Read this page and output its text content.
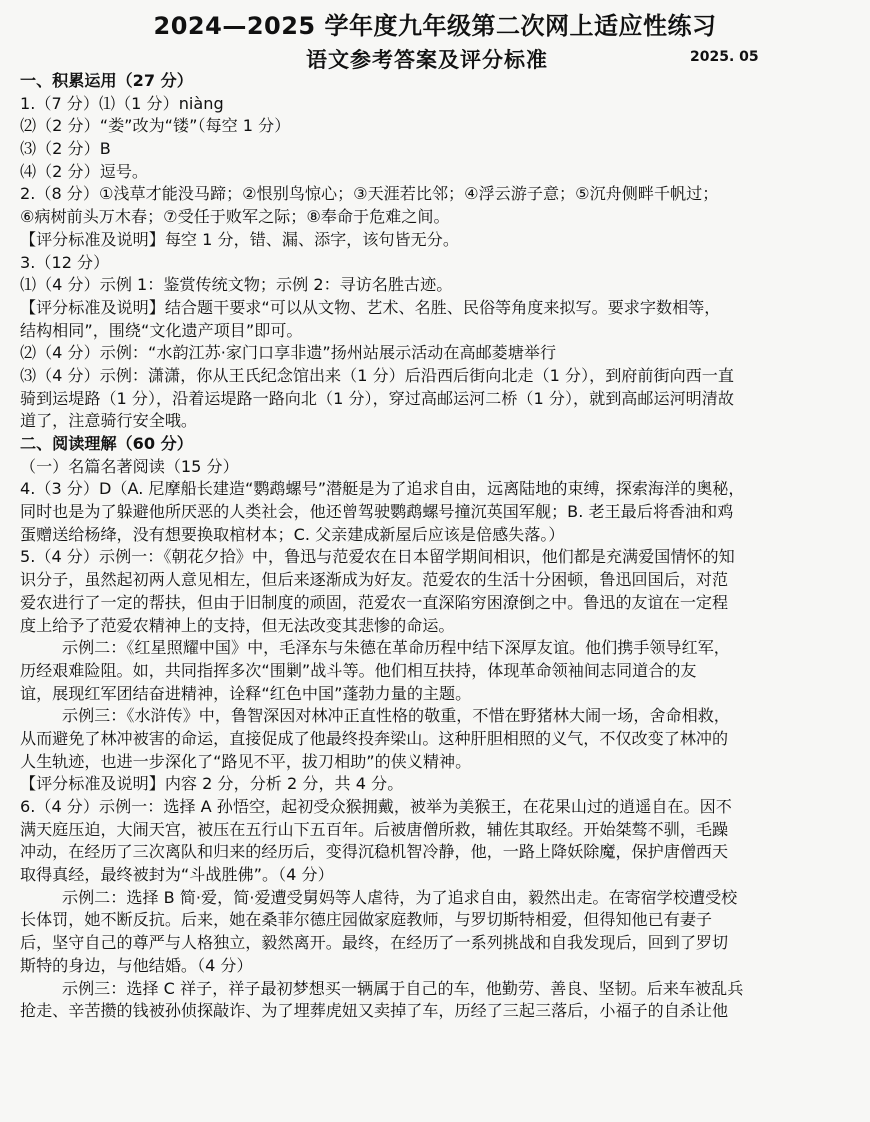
2024—2025 学年度九年级第二次网上适应性练习
语文参考答案及评分标准	2025. 05
一、积累运用（27 分）
1.（7 分）⑴（1 分）niàng
⑵（2 分）“娄”改为“镂”（每空 1 分）
⑶（2 分）B
⑷（2 分）逗号。
2.（8 分）①浅草才能没马蹄；②恨别鸟惊心；③天涯若比邻；④浮云游子意；⑤沉舟侧畔千帆过；
⑥病树前头万木春；⑦受任于败军之际；⑧奉命于危难之间。
【评分标准及说明】每空 1 分，错、漏、添字，该句皆无分。
3.（12 分）
⑴（4 分）示例 1：鉴赏传统文物；示例 2：寻访名胜古迹。
【评分标准及说明】结合题干要求“可以从文物、艺术、名胜、民俗等角度来拟写。要求字数相等，
结构相同”，围绕“文化遗产项目”即可。
⑵（4 分）示例：“水韵江苏·家门口享非遗”扬州站展示活动在高邮菱塘举行
⑶（4 分）示例：潇潇，你从王氏纪念馆出来（1 分）后沿西后街向北走（1 分），到府前街向西一直
骑到运堤路（1 分），沿着运堤路一路向北（1 分），穿过高邮运河二桥（1 分），就到高邮运河明清故
道了，注意骑行安全哦。
二、阅读理解（60 分）
（一）名篇名著阅读（15 分）
4.（3 分）D（A. 尼摩船长建造“鹦鹉螺号”潜艇是为了追求自由，远离陆地的束缚，探索海洋的奥秘，
同时也是为了躲避他所厌恶的人类社会，他还曾驾驶鹦鹉螺号撞沉英国军舰；B. 老王最后将香油和鸡
蛋赠送给杨绛，没有想要换取棺材本；C. 父亲建成新屋后应该是倍感失落。）
5.（4 分）示例一：《朝花夕拾》中，鲁迅与范爱农在日本留学期间相识，他们都是充满爱国情怀的知
识分子，虽然起初两人意见相左，但后来逐渐成为好友。范爱农的生活十分困顿，鲁迅回国后，对范
爱农进行了一定的帮扶，但由于旧制度的顽固，范爱农一直深陷穷困潦倒之中。鲁迅的友谊在一定程
度上给予了范爱农精神上的支持，但无法改变其悲惨的命运。
示例二：《红星照耀中国》中，毛泽东与朱德在革命历程中结下深厚友谊。他们携手领导红军，
历经艰难险阻。如，共同指挥多次“围剿”战斗等。他们相互扶持，体现革命领袖间志同道合的友
谊，展现红军团结奋进精神，诠释“红色中国”蓬勃力量的主题。
示例三：《水浒传》中，鲁智深因对林冲正直性格的敬重，不惜在野猪林大闹一场，舍命相救，
从而避免了林冲被害的命运，直接促成了他最终投奔梁山。这种肝胆相照的义气，不仅改变了林冲的
人生轨迹，也进一步深化了“路见不平，拔刀相助”的侠义精神。
【评分标准及说明】内容 2 分，分析 2 分，共 4 分。
6.（4 分）示例一：选择 A 孙悟空，起初受众猴拥戴，被举为美猴王，在花果山过的逍遥自在。因不
满天庭压迫，大闹天宫，被压在五行山下五百年。后被唐僧所救，辅佐其取经。开始桀骜不驯，毛躁
冲动，在经历了三次离队和归来的经历后，变得沉稳机智冷静，他，一路上降妖除魔，保护唐僧西天
取得真经，最终被封为“斗战胜佛”。（4 分）
示例二：选择 B 简·爱，简·爱遭受舅妈等人虐待，为了追求自由，毅然出走。在寄宿学校遭受校
长体罚，她不断反抗。后来，她在桑菲尔德庄园做家庭教师，与罗切斯特相爱，但得知他已有妻子
后，坚守自己的尊严与人格独立，毅然离开。最终，在经历了一系列挑战和自我发现后，回到了罗切
斯特的身边，与他结婚。（4 分）
示例三：选择 C 祥子，祥子最初梦想买一辆属于自己的车，他勤劳、善良、坚韧。后来车被乱兵
抢走、辛苦攒的钱被孙侦探敲诈、为了埋葬虎妞又卖掉了车，历经了三起三落后，小福子的自杀让他
